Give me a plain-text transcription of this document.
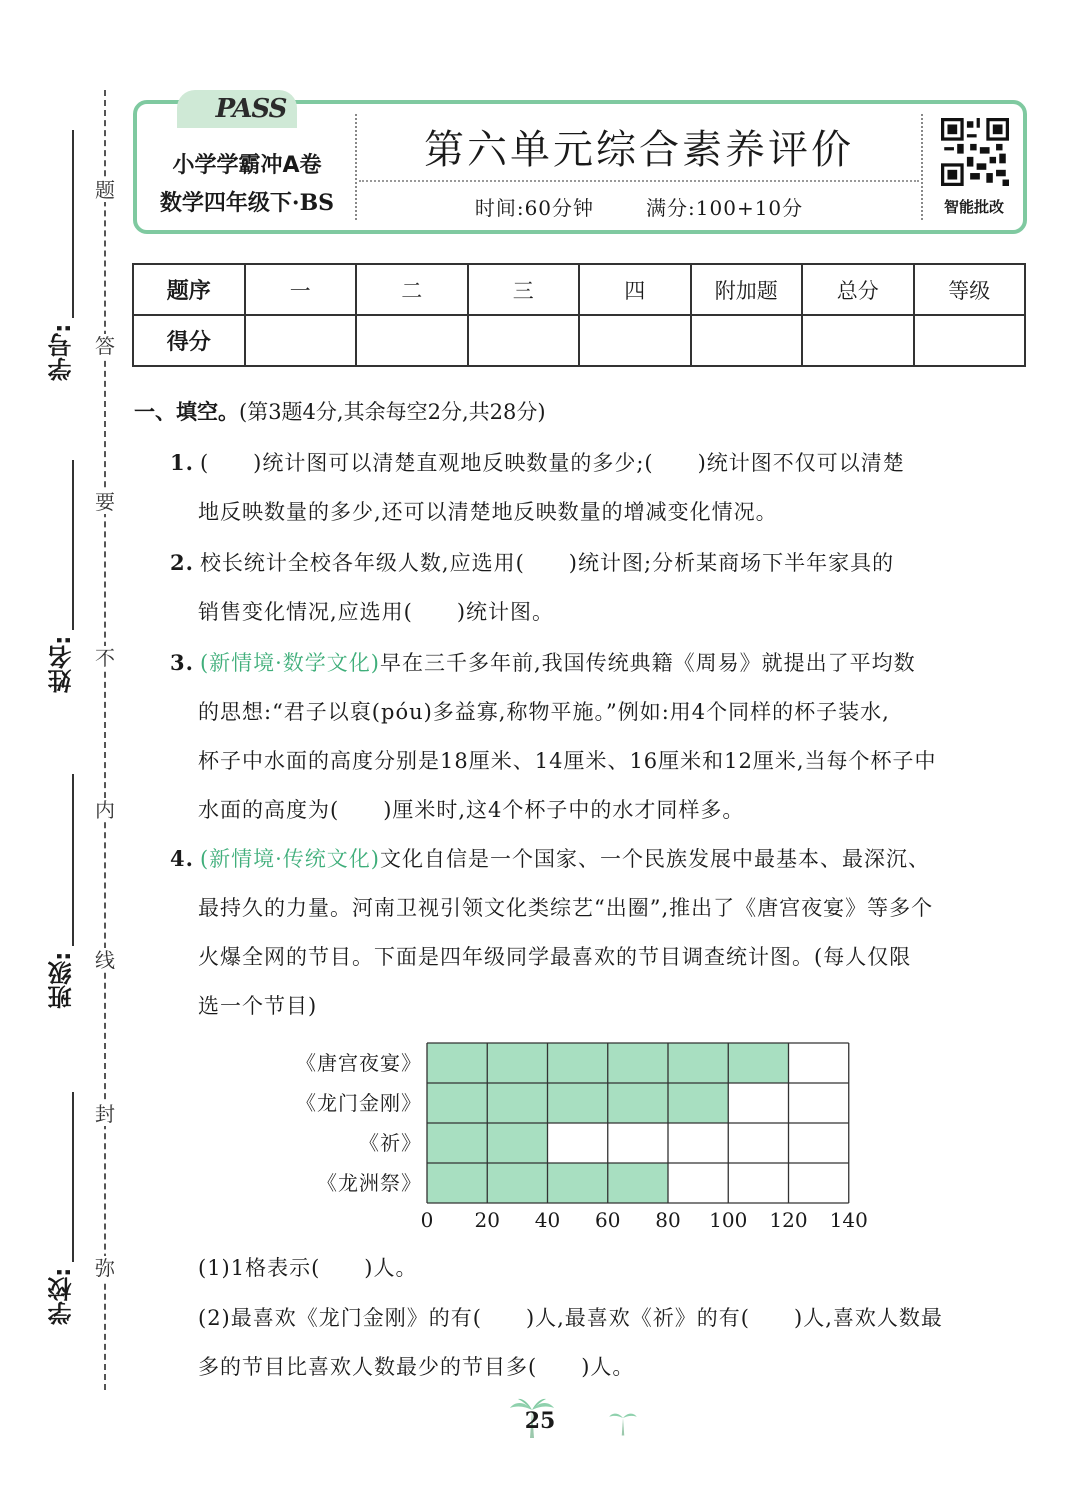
题
答
要
不
内
线
封
弥
学号:
姓名:
班级:
学校:
PASS
小学学霸冲A卷
数学四年级下·BS
第六单元综合素养评价
时间:60分钟	满分:100+10分	智能批改
题序	一	二	三	四	附加题	总分	等级
得分							
一、填空。(第3题4分,其余每空2分,共28分)
1. (　　)统计图可以清楚直观地反映数量的多少;(　　)统计图不仅可以清楚
地反映数量的多少,还可以清楚地反映数量的增减变化情况。
2. 校长统计全校各年级人数,应选用(　　)统计图;分析某商场下半年家具的
销售变化情况,应选用(　　)统计图。
3. (新情境·数学文化)早在三千多年前,我国传统典籍《周易》就提出了平均数
的思想:“君子以裒(póu)多益寡,称物平施。”例如:用4个同样的杯子装水,
杯子中水面的高度分别是18厘米、14厘米、16厘米和12厘米,当每个杯子中
水面的高度为(　　)厘米时,这4个杯子中的水才同样多。
4. (新情境·传统文化)文化自信是一个国家、一个民族发展中最基本、最深沉、
最持久的力量。河南卫视引领文化类综艺“出圈”,推出了《唐宫夜宴》等多个
火爆全网的节目。下面是四年级同学最喜欢的节目调查统计图。(每人仅限
选一个节目)
0 20 40 60 80 100 120 140
《唐宫夜宴》
《龙门金刚》
《祈》
《龙洲祭》
(1)1格表示(　　)人。
(2)最喜欢《龙门金刚》的有(　　)人,最喜欢《祈》的有(　　)人,喜欢人数最
多的节目比喜欢人数最少的节目多(　　)人。
25
